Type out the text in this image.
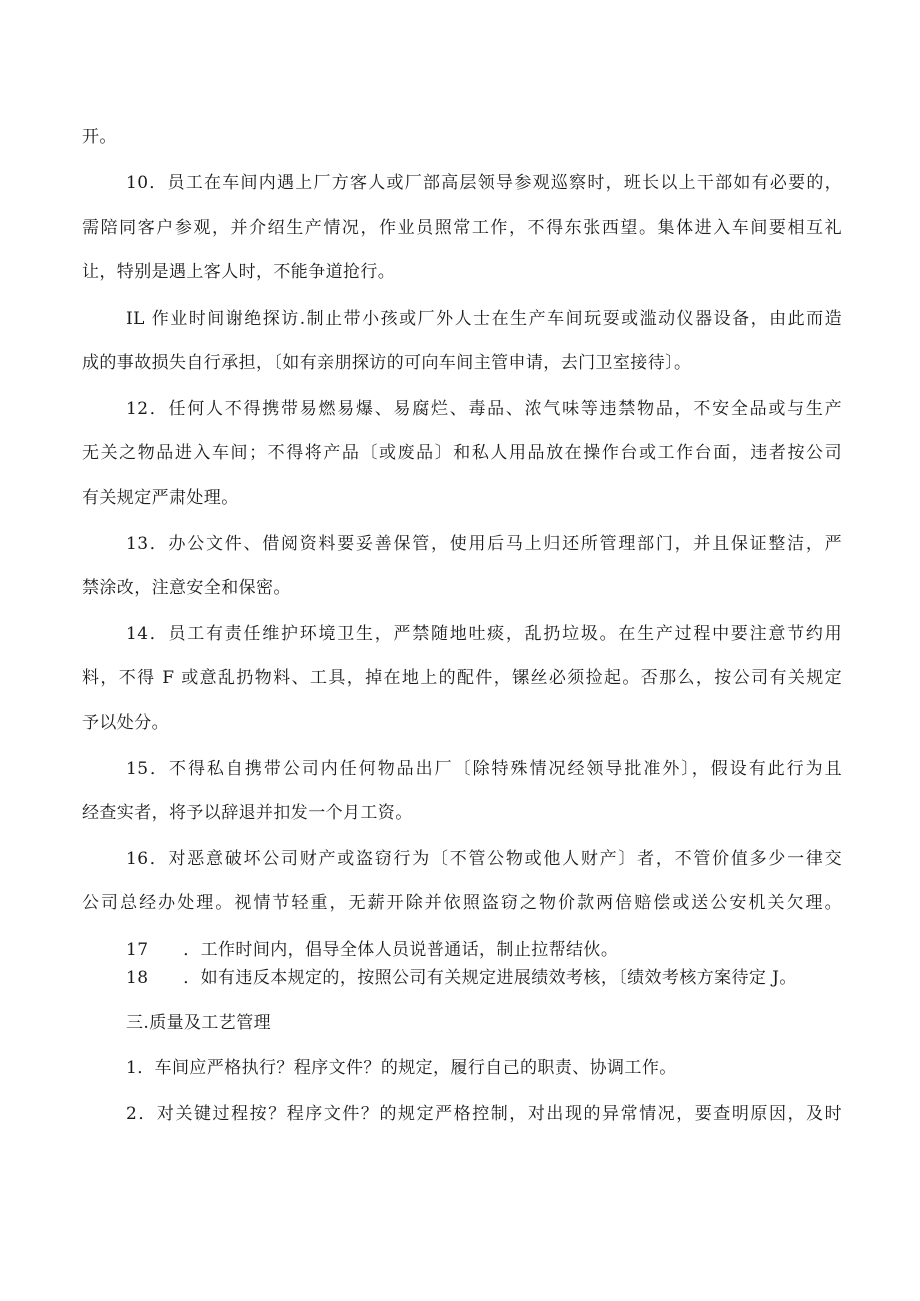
开。
10．员工在车间内遇上厂方客人或厂部高层领导参观巡察时，班长以上干部如有必要的，
需陪同客户参观，并介绍生产情况，作业员照常工作，不得东张西望。集体进入车间要相互礼
让，特别是遇上客人时，不能争道抢行。
IL 作业时间谢绝探访.制止带小孩或厂外人士在生产车间玩耍或滥动仪器设备，由此而造
成的事故损失自行承担，〔如有亲朋探访的可向车间主管申请，去门卫室接待〕。
12．任何人不得携带易燃易爆、易腐烂、毒品、浓气味等违禁物品，不安全品或与生产
无关之物品进入车间；不得将产品〔或废品〕和私人用品放在操作台或工作台面，违者按公司
有关规定严肃处理。
13．办公文件、借阅资料要妥善保管，使用后马上归还所管理部门，并且保证整洁，严
禁涂改，注意安全和保密。
14．员工有责任维护环境卫生，严禁随地吐痰，乱扔垃圾。在生产过程中要注意节约用
料，不得 F 或意乱扔物料、工具，掉在地上的配件，镙丝必须捡起。否那么，按公司有关规定
予以处分。
15．不得私自携带公司内任何物品出厂〔除特殊情况经领导批准外〕，假设有此行为且
经查实者，将予以辞退并扣发一个月工资。
16．对恶意破坏公司财产或盗窃行为〔不管公物或他人财产〕者，不管价值多少一律交
公司总经办处理。视情节轻重，无薪开除并依照盗窃之物价款两倍赔偿或送公安机关欠理。
17　　．工作时间内，倡导全体人员说普通话，制止拉帮结伙。
18　　．如有违反本规定的，按照公司有关规定进展绩效考核，〔绩效考核方案待定 J。
三.质量及工艺管理
1．车间应严格执行？程序文件？的规定，履行自己的职责、协调工作。
2．对关键过程按？程序文件？的规定严格控制，对出现的异常情况，要查明原因，及时
